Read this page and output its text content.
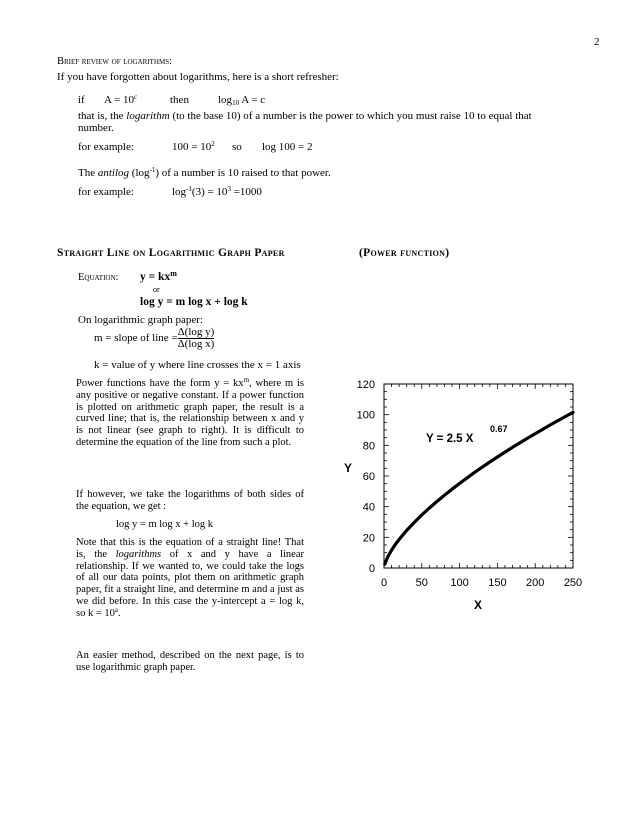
2
Brief review of logarithms:
If you have forgotten about logarithms, here is a short refresher:
if $A = 10^c$	then	$\log_{10} A = c$
that is, the logarithm (to the base 10) of a number is the power to which you must raise 10 to equal that
number.
for example:	$100 = 10^2$ so log 100 = 2
The antilog $(\log^{-1})$ of a number is 10 raised to that power.
for example:	$\log^{-1}(3) = 10^3 =1000$
Straight Line on Logarithmic Graph Paper	(Power function)
Equation: $y = kx^m$
or
log y = m log x + log k
On logarithmic graph paper:
m = slope of line = $\frac{\text{Δ(log y)}}{\text{Δ(log x)}}$
k = value of y where line crosses the x = 1 axis
Power functions have the form $y = kx^m$, where m is any positive or negative constant. If a power function is plotted on arithmetic graph paper, the result is a curved line; that is, the relationship between x and y is not linear (see graph to right). It is difficult to determine the equation of the line from such a plot.
If however, we take the logarithms of both sides of the equation, we get :
log y = m log x + log k
Note that this is the equation of a straight line! That is, the logarithms of x and y have a linear relationship. If we wanted to, we could take the logs of all our data points, plot them on arithmetic graph paper, fit a straight line, and determine m and a just as we did before. In this case the y-intercept a = log k, so $k = 10^a$.
An easier method, described on the next page, is to use logarithmic graph paper.
0	50 100 150 200 250
0
20
40
60
80
100
120
X
Y
Y = 2.5 X
0.67
